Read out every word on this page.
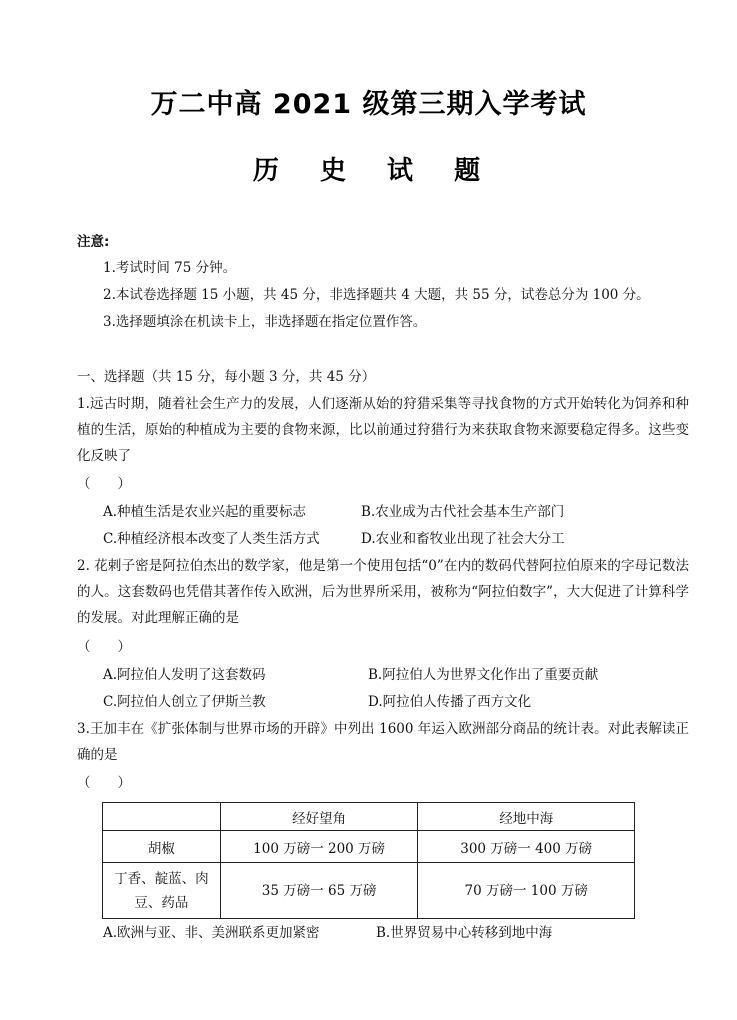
万二中高 2021 级第三期入学考试
历 史 试 题
注意:
1.考试时间 75 分钟。
2.本试卷选择题 15 小题，共 45 分，非选择题共 4 大题，共 55 分，试卷总分为 100 分。
3.选择题填涂在机读卡上，非选择题在指定位置作答。
一、选择题（共 15 分，每小题 3 分，共 45 分）
1.远古时期，随着社会生产力的发展，人们逐渐从始的狩猎采集等寻找食物的方式开始转化为饲养和种植的生活，原始的种植成为主要的食物来源，比以前通过狩猎行为来获取食物来源要稳定得多。这些变化反映了
（　　）
A.种植生活是农业兴起的重要标志	B.农业成为古代社会基本生产部门
C.种植经济根本改变了人类生活方式	D.农业和畜牧业出现了社会大分工
2. 花剌子密是阿拉伯杰出的数学家，他是第一个使用包括“0”在内的数码代替阿拉伯原来的字母记数法的人。这套数码也凭借其著作传入欧洲，后为世界所采用，被称为“阿拉伯数字”，大大促进了计算科学的发展。对此理解正确的是
（　　）
A.阿拉伯人发明了这套数码	B.阿拉伯人为世界文化作出了重要贡献
C.阿拉伯人创立了伊斯兰教	D.阿拉伯人传播了西方文化
3.王加丰在《扩张体制与世界市场的开辟》中列出 1600 年运入欧洲部分商品的统计表。对此表解读正确的是
（　　）
	经好望角	经地中海
胡椒	100 万磅一 200 万磅	300 万磅一 400 万磅
丁香、靛蓝、肉豆、药品	35 万磅一 65 万磅	70 万磅一 100 万磅
A.欧洲与亚、非、美洲联系更加紧密	B.世界贸易中心转移到地中海
